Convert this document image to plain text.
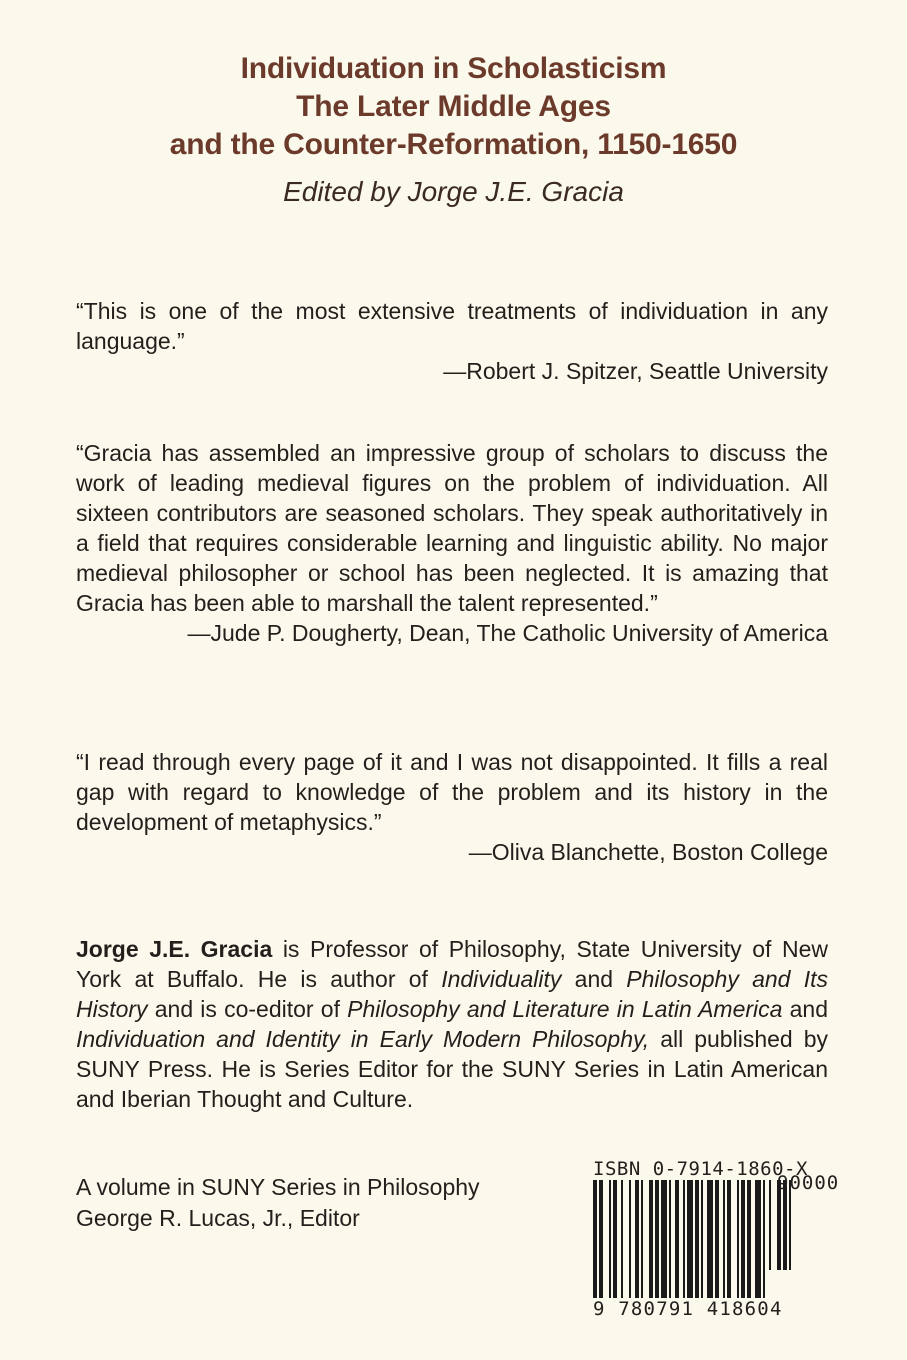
Individuation in Scholasticism
The Later Middle Ages
and the Counter-Reformation, 1150-1650
Edited by Jorge J.E. Gracia
“This is one of the most extensive treatments of individuation in any language.”
—Robert J. Spitzer, Seattle University
“Gracia has assembled an impressive group of scholars to discuss the work of leading medieval figures on the problem of individuation. All sixteen contributors are seasoned scholars. They speak authoritatively in a field that requires considerable learning and linguistic ability. No major medieval philosopher or school has been neglected. It is amazing that Gracia has been able to marshall the talent represented.”
—Jude P. Dougherty, Dean, The Catholic University of America
“I read through every page of it and I was not disappointed. It fills a real gap with regard to knowledge of the problem and its history in the development of metaphysics.”
—Oliva Blanchette, Boston College
Jorge J.E. Gracia is Professor of Philosophy, State University of New York at Buffalo. He is author of Individuality and Philosophy and Its History and is co-editor of Philosophy and Literature in Latin America and Individuation and Identity in Early Modern Philosophy, all published by SUNY Press. He is Series Editor for the SUNY Series in Latin American and Iberian Thought and Culture.
A volume in SUNY Series in Philosophy
George R. Lucas, Jr., Editor
ISBN 0-7914-1860-X
90000
9 780791 418604
